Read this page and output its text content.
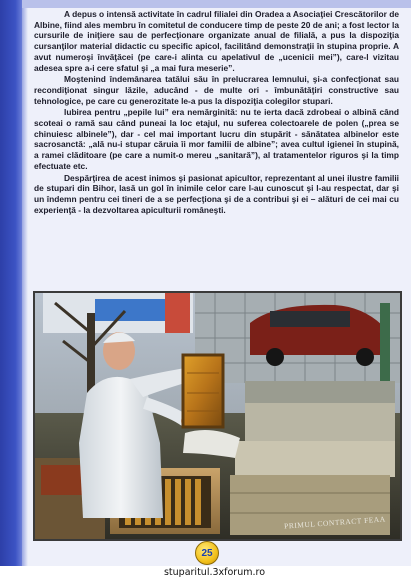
A depus o intensă activitate în cadrul filialei din Oradea a Asociaţiei Crescătorilor de Albine, fiind ales membru în comitetul de conducere timp de peste 20 de ani; a fost lector la cursurile de iniţiere sau de perfecţionare organizate anual de filială, a pus la dispoziţia cursanţilor material didactic cu specific apicol, facilitând demonstraţii în stupina proprie. A avut numeroşi învăţăcei (pe care-i alinta cu apelativul de „ucenicii mei”), care-l vizitau adesea spre a-i cere sfatul şi „a mai fura meserie”.

Moştenind îndemânarea tatălui său în prelucrarea lemnului, şi-a confecţionat sau recondiţionat singur lăzile, aducând - de multe ori - îmbunătăţiri constructive sau tehnologice, pe care cu generozitate le-a pus la dispoziţia colegilor stupari.

Iubirea pentru „pepile lui” era nemărginită: nu te ierta dacă zdrobeai o albină când scoteai o ramă sau când puneai la loc etajul, nu suferea colectoarele de polen („prea se chinuiesc albinele”), dar - cel mai important lucru din stupărit - sănătatea albinelor este sacrosanctă: „ală nu-i stupar căruia îi mor familii de albine”; avea cultul igienei în stupină, a ramei clăditoare (pe care a numit-o mereu „sanitară”), al tratamentelor riguros şi la timp efectuate etc.

Despărţirea de acest inimos şi pasionat apicultor, reprezentant al unei ilustre familii de stupari din Bihor, lasă un gol în inimile celor care l-au cunoscut şi l-au respectat, dar şi un îndemn pentru cei tineri de a se perfecţiona şi de a contribui şi ei – alături de cei mai cu experienţă - la dezvoltarea apiculturii româneşti.

PRIMUL CONTRACT FEAA
25
stuparitul.3xforum.ro
